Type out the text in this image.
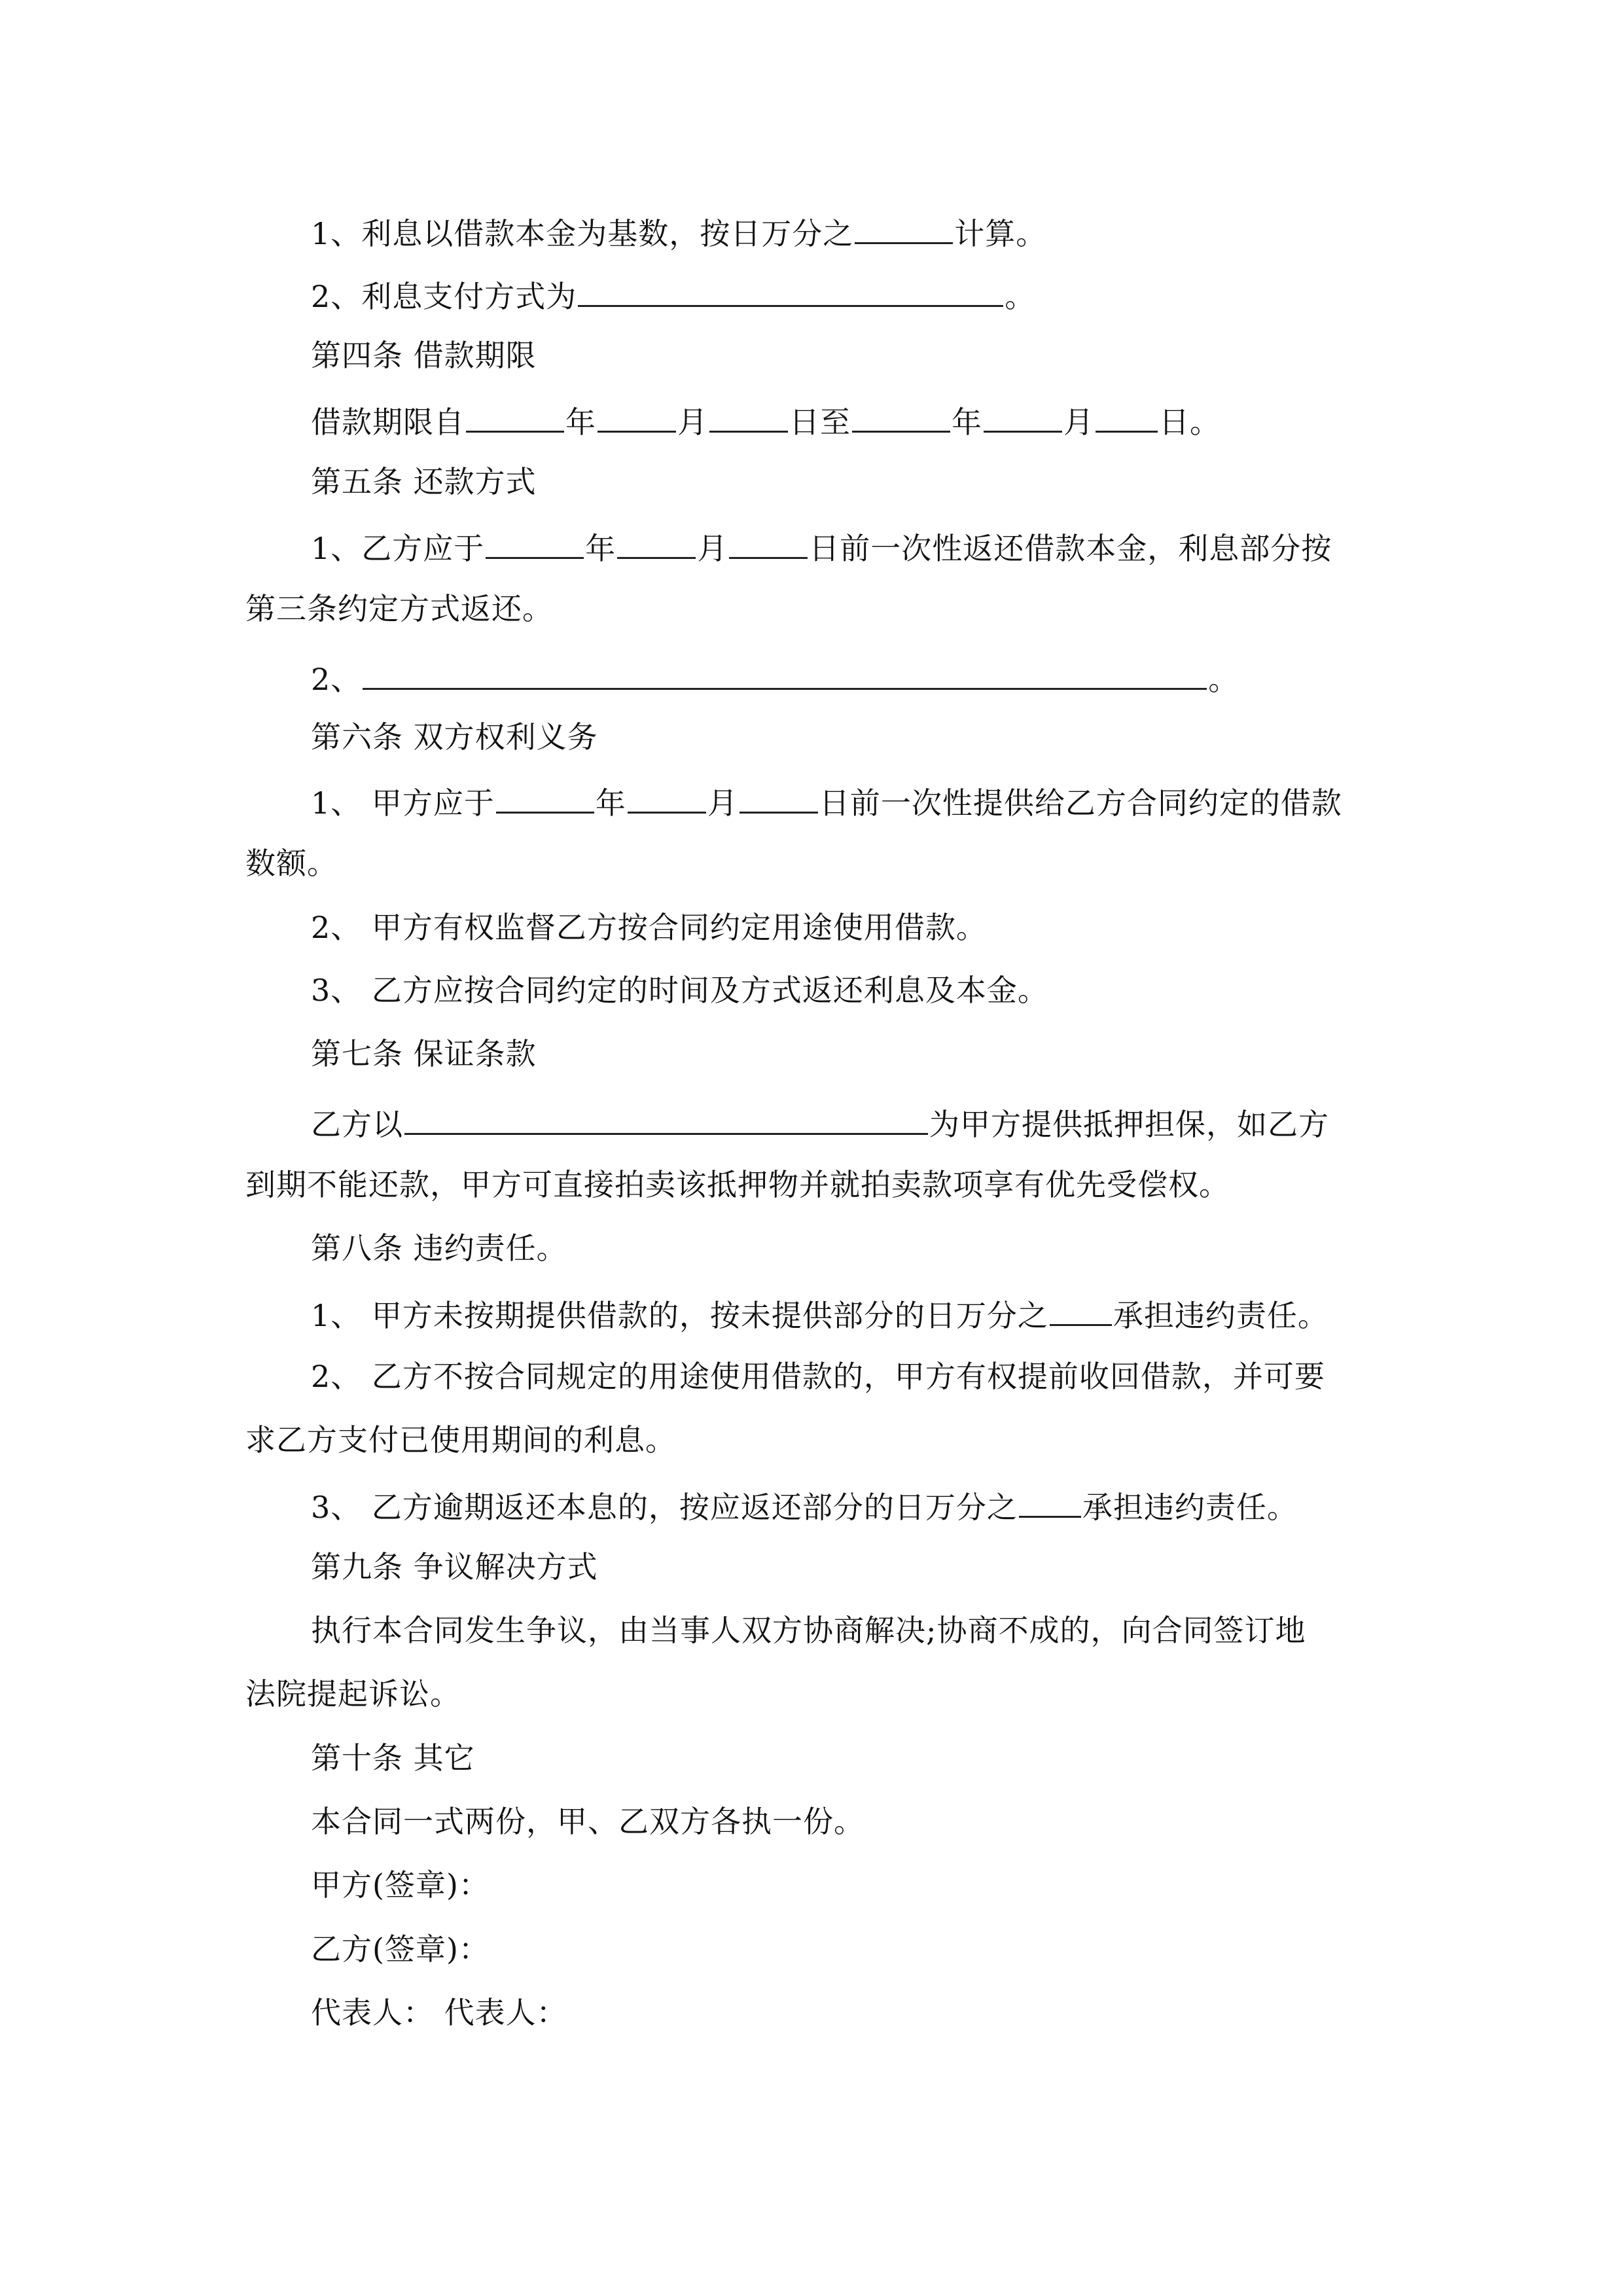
1、利息以借款本金为基数，按日万分之	计算。
2、利息支付方式为	。
第四条 借款期限
借款期限自	年	月	日至	年	月 日。
第五条 还款方式
1、乙方应于	年	月	日前一次性返还借款本金，利息部分按
第三条约定方式返还。
2、	。
第六条 双方权利义务
1、 甲方应于	年	月	日前一次性提供给乙方合同约定的借款
数额。
2、 甲方有权监督乙方按合同约定用途使用借款。
3、 乙方应按合同约定的时间及方式返还利息及本金。
第七条 保证条款
乙方以	为甲方提供抵押担保，如乙方
到期不能还款，甲方可直接拍卖该抵押物并就拍卖款项享有优先受偿权。
第八条 违约责任。
1、 甲方未按期提供借款的，按未提供部分的日万分之 承担违约责任。
2、 乙方不按合同规定的用途使用借款的，甲方有权提前收回借款，并可要
求乙方支付已使用期间的利息。
3、 乙方逾期返还本息的，按应返还部分的日万分之 承担违约责任。
第九条 争议解决方式
执行本合同发生争议，由当事人双方协商解决;协商不成的，向合同签订地
法院提起诉讼。
第十条 其它
本合同一式两份，甲、乙双方各执一份。
甲方(签章)：
乙方(签章)：
代表人： 代表人：
